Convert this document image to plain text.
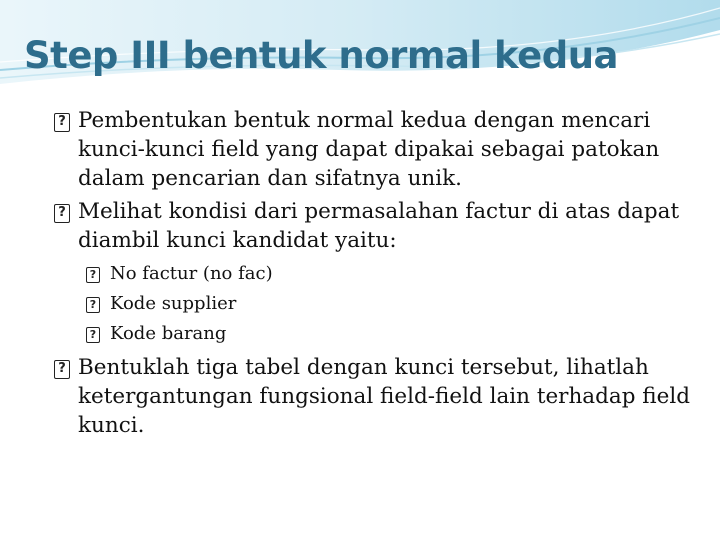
Step III bentuk normal kedua
? Pembentukan bentuk normal kedua dengan mencari kunci-kunci field yang dapat dipakai sebagai patokan dalam pencarian dan sifatnya unik.
? Melihat kondisi dari permasalahan factur di atas dapat diambil kunci kandidat yaitu:
? No factur (no fac)
? Kode supplier
? Kode barang
? Bentuklah tiga tabel dengan kunci tersebut, lihatlah ketergantungan fungsional field-field lain terhadap field kunci.
